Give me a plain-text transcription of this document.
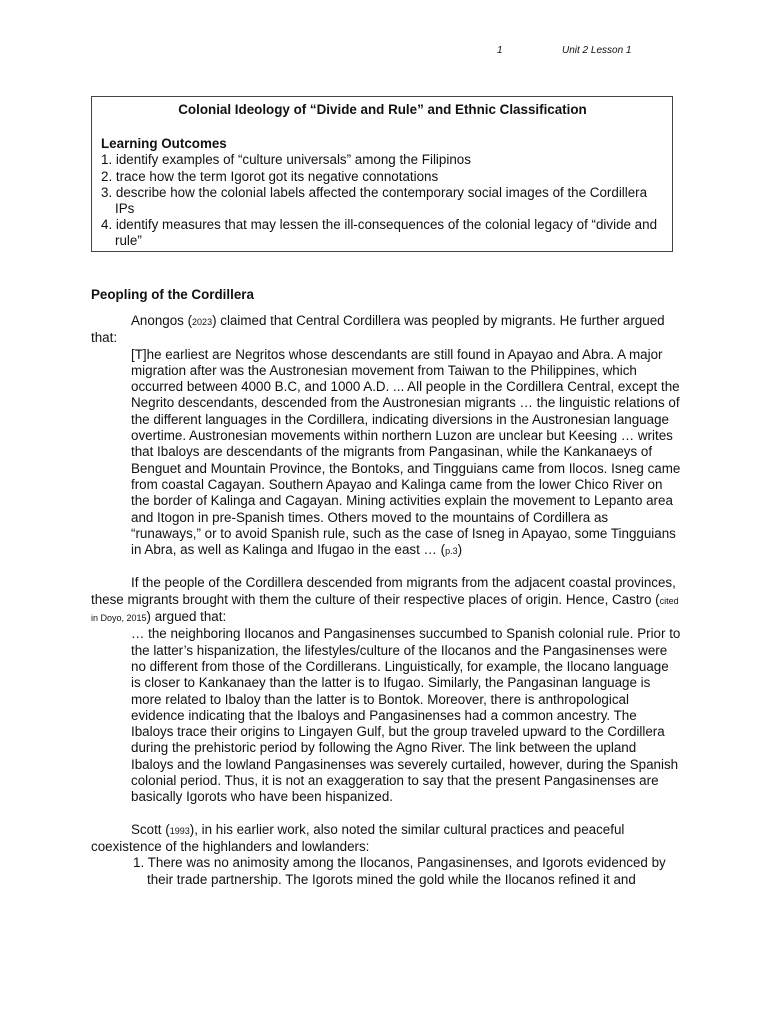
1	Unit 2 Lesson 1
Colonial Ideology of “Divide and Rule” and Ethnic Classification
Learning Outcomes
1. identify examples of “culture universals” among the Filipinos
2. trace how the term Igorot got its negative connotations
3. describe how the colonial labels affected the contemporary social images of the Cordillera IPs
4. identify measures that may lessen the ill-consequences of the colonial legacy of “divide and rule”
Peopling of the Cordillera
Anongos (2023) claimed that Central Cordillera was peopled by migrants. He further argued that:
[T]he earliest are Negritos whose descendants are still found in Apayao and Abra. A major migration after was the Austronesian movement from Taiwan to the Philippines, which occurred between 4000 B.C, and 1000 A.D. ... All people in the Cordillera Central, except the Negrito descendants, descended from the Austronesian migrants … the linguistic relations of the different languages in the Cordillera, indicating diversions in the Austronesian language overtime. Austronesian movements within northern Luzon are unclear but Keesing … writes that Ibaloys are descendants of the migrants from Pangasinan, while the Kankanaeys of Benguet and Mountain Province, the Bontoks, and Tingguians came from Ilocos. Isneg came from coastal Cagayan. Southern Apayao and Kalinga came from the lower Chico River on the border of Kalinga and Cagayan. Mining activities explain the movement to Lepanto area and Itogon in pre-Spanish times. Others moved to the mountains of Cordillera as “runaways,” or to avoid Spanish rule, such as the case of Isneg in Apayao, some Tingguians in Abra, as well as Kalinga and Ifugao in the east … (p.3)
If the people of the Cordillera descended from migrants from the adjacent coastal provinces, these migrants brought with them the culture of their respective places of origin. Hence, Castro (cited in Doyo, 2015) argued that:
… the neighboring Ilocanos and Pangasinenses succumbed to Spanish colonial rule. Prior to the latter’s hispanization, the lifestyles/culture of the Ilocanos and the Pangasinenses were no different from those of the Cordillerans. Linguistically, for example, the Ilocano language is closer to Kankanaey than the latter is to Ifugao. Similarly, the Pangasinan language is more related to Ibaloy than the latter is to Bontok. Moreover, there is anthropological evidence indicating that the Ibaloys and Pangasinenses had a common ancestry. The Ibaloys trace their origins to Lingayen Gulf, but the group traveled upward to the Cordillera during the prehistoric period by following the Agno River. The link between the upland Ibaloys and the lowland Pangasinenses was severely curtailed, however, during the Spanish colonial period. Thus, it is not an exaggeration to say that the present Pangasinenses are basically Igorots who have been hispanized.
Scott (1993), in his earlier work, also noted the similar cultural practices and peaceful coexistence of the highlanders and lowlanders:
1. There was no animosity among the Ilocanos, Pangasinenses, and Igorots evidenced by their trade partnership. The Igorots mined the gold while the Ilocanos refined it and
